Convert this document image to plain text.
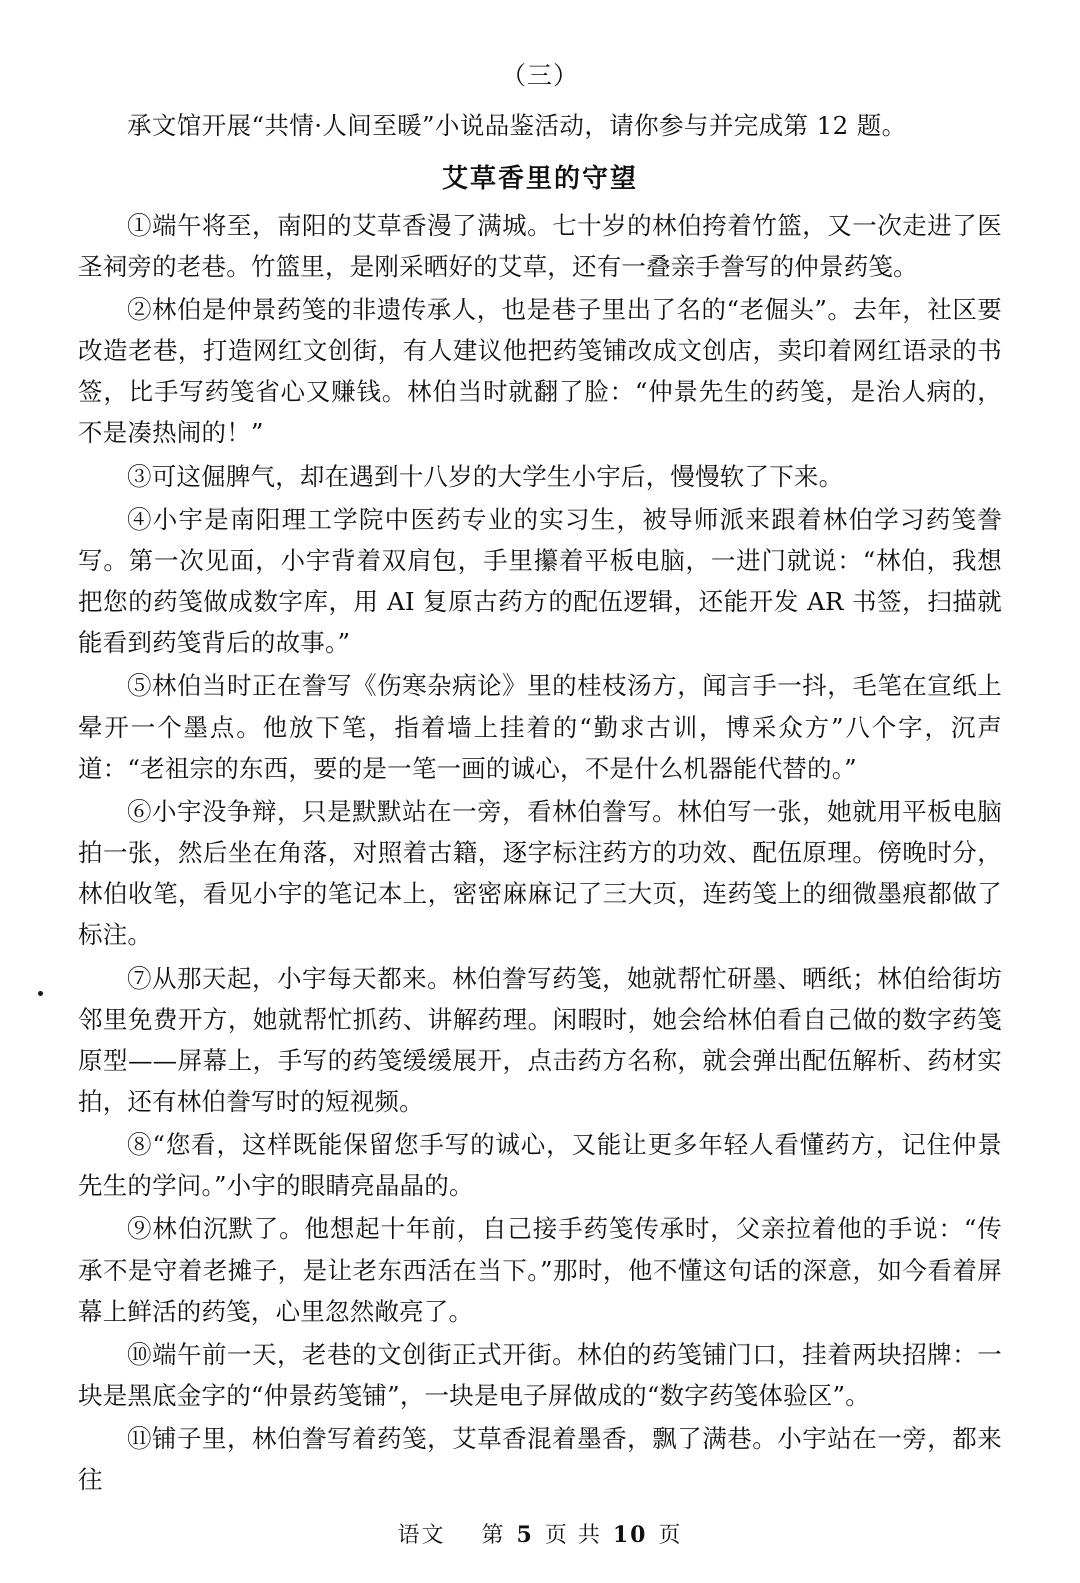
（三）

承文馆开展“共情·人间至暖”小说品鉴活动，请你参与并完成第 12 题。

艾草香里的守望

①端午将至，南阳的艾草香漫了满城。七十岁的林伯挎着竹篮，又一次走进了医圣祠旁的老巷。竹篮里，是刚采晒好的艾草，还有一叠亲手誊写的仲景药笺。

②林伯是仲景药笺的非遗传承人，也是巷子里出了名的“老倔头”。去年，社区要改造老巷，打造网红文创街，有人建议他把药笺铺改成文创店，卖印着网红语录的书签，比手写药笺省心又赚钱。林伯当时就翻了脸：“仲景先生的药笺，是治人病的，不是凑热闹的！”

③可这倔脾气，却在遇到十八岁的大学生小宇后，慢慢软了下来。

④小宇是南阳理工学院中医药专业的实习生，被导师派来跟着林伯学习药笺誊写。第一次见面，小宇背着双肩包，手里攥着平板电脑，一进门就说：“林伯，我想把您的药笺做成数字库，用 AI 复原古药方的配伍逻辑，还能开发 AR 书签，扫描就能看到药笺背后的故事。”

⑤林伯当时正在誊写《伤寒杂病论》里的桂枝汤方，闻言手一抖，毛笔在宣纸上晕开一个墨点。他放下笔，指着墙上挂着的“勤求古训，博采众方”八个字，沉声道：“老祖宗的东西，要的是一笔一画的诚心，不是什么机器能代替的。”

⑥小宇没争辩，只是默默站在一旁，看林伯誊写。林伯写一张，她就用平板电脑拍一张，然后坐在角落，对照着古籍，逐字标注药方的功效、配伍原理。傍晚时分，林伯收笔，看见小宇的笔记本上，密密麻麻记了三大页，连药笺上的细微墨痕都做了标注。

⑦从那天起，小宇每天都来。林伯誊写药笺，她就帮忙研墨、晒纸；林伯给街坊邻里免费开方，她就帮忙抓药、讲解药理。闲暇时，她会给林伯看自己做的数字药笺原型——屏幕上，手写的药笺缓缓展开，点击药方名称，就会弹出配伍解析、药材实拍，还有林伯誊写时的短视频。

⑧“您看，这样既能保留您手写的诚心，又能让更多年轻人看懂药方，记住仲景先生的学问。”小宇的眼睛亮晶晶的。

⑨林伯沉默了。他想起十年前，自己接手药笺传承时，父亲拉着他的手说：“传承不是守着老摊子，是让老东西活在当下。”那时，他不懂这句话的深意，如今看着屏幕上鲜活的药笺，心里忽然敞亮了。

⑩端午前一天，老巷的文创街正式开街。林伯的药笺铺门口，挂着两块招牌：一块是黑底金字的“仲景药笺铺”，一块是电子屏做成的“数字药笺体验区”。

⑪铺子里，林伯誊写着药笺，艾草香混着墨香，飘了满巷。小宇站在一旁，都来往

语文 第 5 页 共 10 页
